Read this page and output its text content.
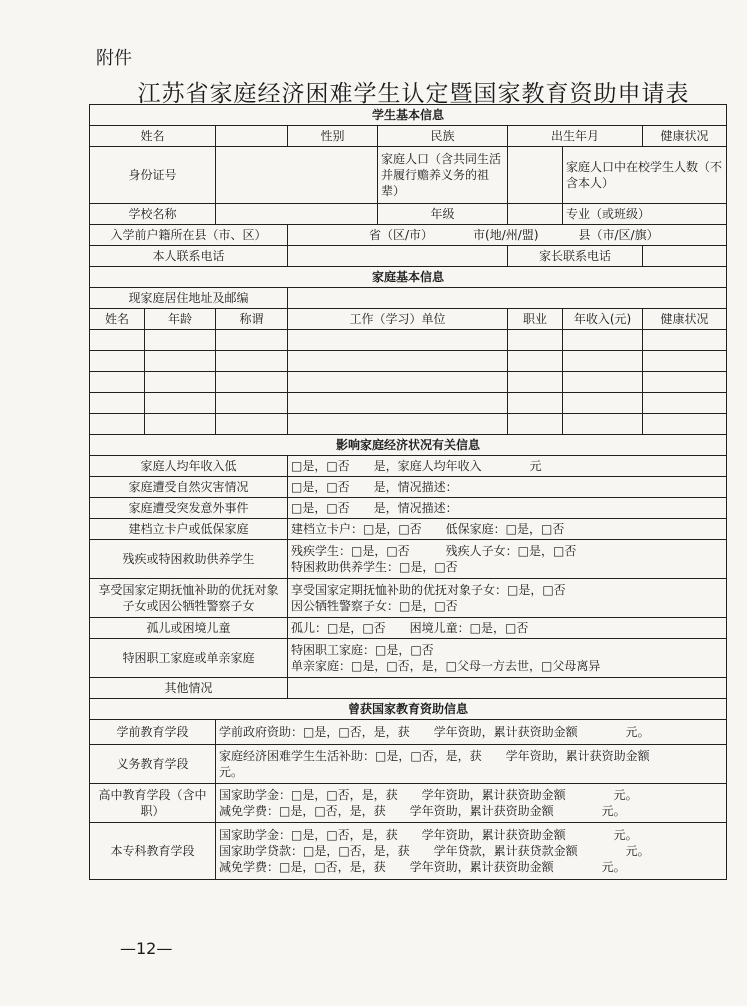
附件
江苏省家庭经济困难学生认定暨国家教育资助申请表
学生基本信息							
姓名			性别	民族	出生年月		健康状况
身份证号				家庭人口（含共同生活并履行赡养义务的祖辈）		家庭人口中在校学生人数（不含本人）	
学校名称				年级		专业（或班级）	
入学前户籍所在县（市、区）			省（区/市） 市(地/州/盟) 县（市/区/旗）				
本人联系电话					家长联系电话		
家庭基本信息							
现家庭居住地址及邮编							
姓名	年龄	称谓	工作（学习）单位		职业	年收入(元)	健康状况

影响家庭经济状况有关信息							
家庭人均年收入低			□是，□否　　是，家庭人均年收入　　　　元				
家庭遭受自然灾害情况			□是，□否　　是，情况描述：				
家庭遭受突发意外事件			□是，□否　　是，情况描述：				
建档立卡户或低保家庭			建档立卡户：□是，□否　　低保家庭：□是，□否				
残疾或特困救助供养学生			残疾学生：□是，□否　　　残疾人子女：□是，□否
特困救助供养学生：□是，□否				

享受国家定期抚恤补助的优抚对象子女或因公牺牲警察子女			享受国家定期抚恤补助的优抚对象子女：□是，□否
因公牺牲警察子女：□是，□否				

孤儿或困境儿童			孤儿：□是，□否　　困境儿童：□是，□否				
特困职工家庭或单亲家庭			特困职工家庭：□是，□否
单亲家庭：□是，□否，是，□父母一方去世，□父母离异				

其他情况							
曾获国家教育资助信息							
学前教育学段		学前政府资助：□是，□否，是，获　　学年资助，累计获资助金额　　　　元。					
义务教育学段		家庭经济困难学生生活补助：□是，□否，是，获　　学年资助，累计获资助金额
元。					

高中教育学段（含中职）		国家助学金：□是，□否，是，获　　学年资助，累计获资助金额　　　　元。
减免学费：□是，□否，是，获　　学年资助，累计获资助金额　　　　元。					

本专科教育学段		国家助学金：□是，□否，是，获　　学年资助，累计获资助金额　　　　元。
国家助学贷款：□是，□否，是，获　　学年贷款，累计获贷款金额　　　　元。
减免学费：□是，□否，是，获　　学年资助，累计获资助金额　　　　元。					
—12—
